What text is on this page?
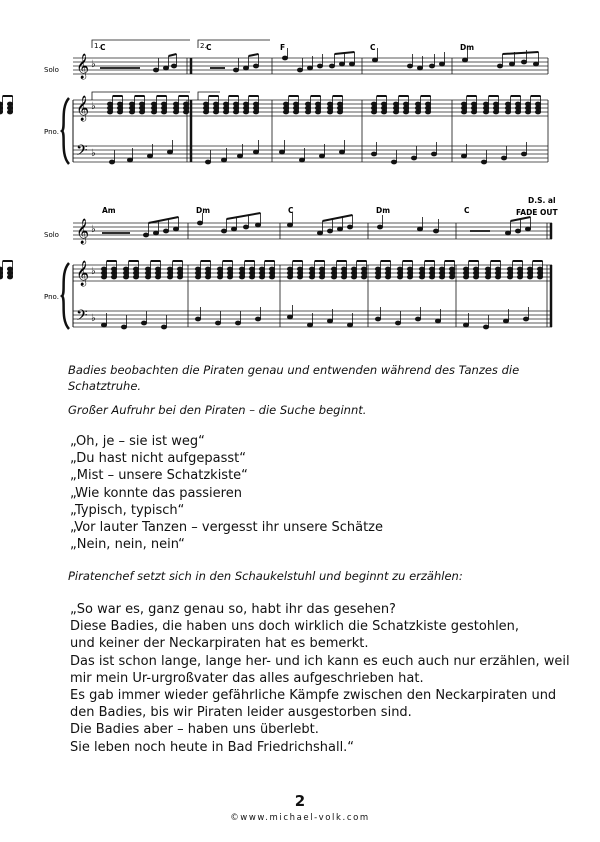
Solo
Pno.
𝄞
𝄞
𝄢
♭
♭
♭
1.	2.
C	C	F	C	Dm
Solo
Pno.
𝄞
𝄞
𝄢
♭
♭
♭
Am	Dm	C	Dm	C
D.S. al
FADE OUT

Badies beobachten die Piraten genau und entwenden während des Tanzes die Schatztruhe.

Großer Aufruhr bei den Piraten – die Suche beginnt.

„Oh, je – sie ist weg“
„Du hast nicht aufgepasst“
„Mist – unsere Schatzkiste“
„Wie konnte das passieren
„Typisch, typisch“
„Vor lauter Tanzen – vergesst ihr unsere Schätze
„Nein, nein, nein“

Piratenchef setzt sich in den Schaukelstuhl und beginnt zu erzählen:

„So war es, ganz genau so, habt ihr das gesehen?
Diese Badies, die haben uns doch wirklich die Schatzkiste gestohlen,
und keiner der Neckarpiraten hat es bemerkt.
Das ist schon lange, lange her- und ich kann es euch auch nur erzählen, weil
mir mein Ur-urgroßvater das alles aufgeschrieben hat.
Es gab immer wieder gefährliche Kämpfe zwischen den Neckarpiraten und
den Badies, bis wir Piraten leider ausgestorben sind.
Die Badies aber – haben uns überlebt.
Sie leben noch heute in Bad Friedrichshall.“
2
©www.michael-volk.com
